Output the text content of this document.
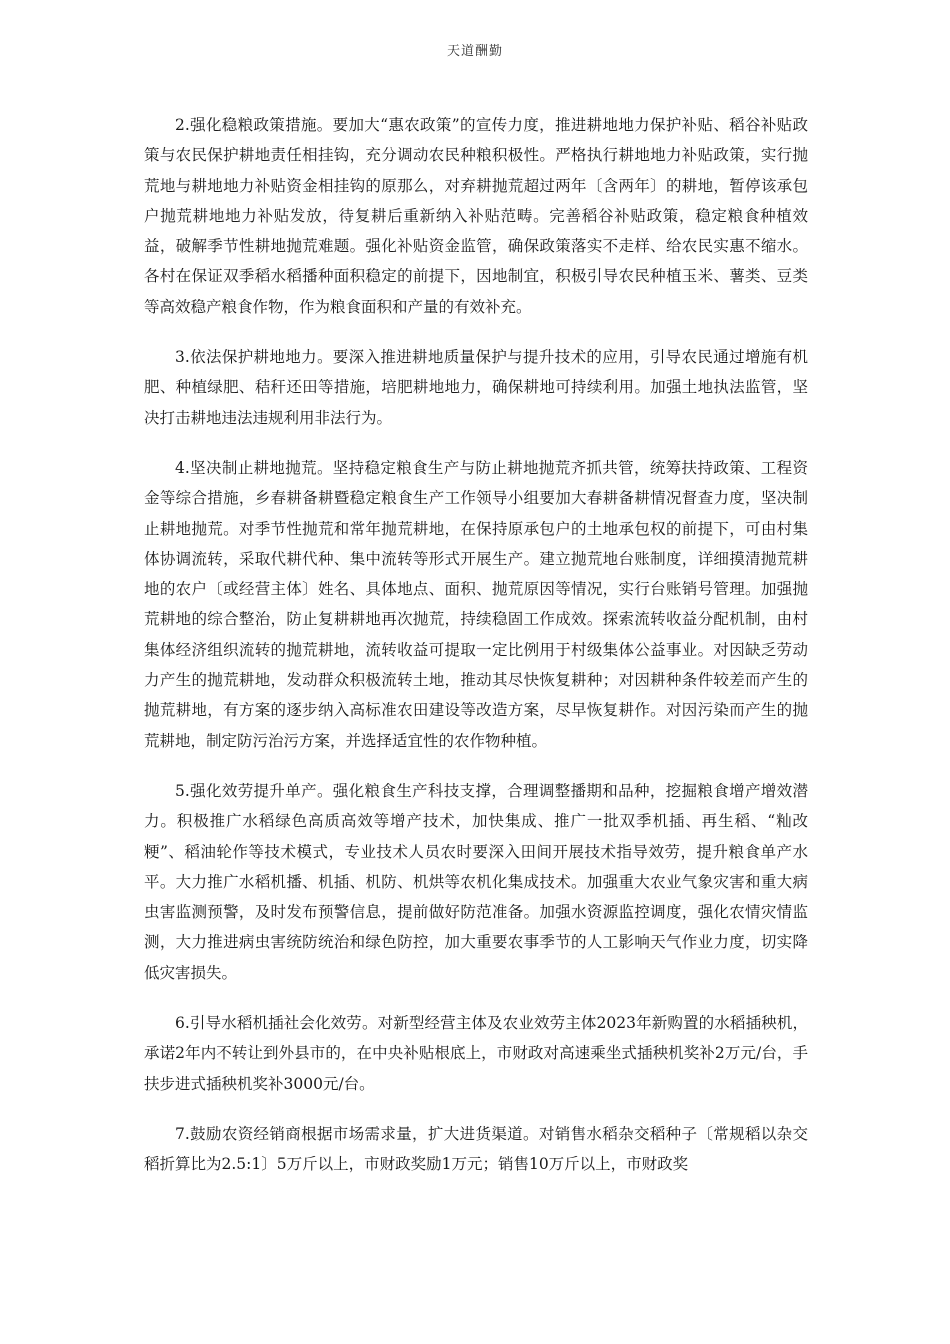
天道酬勤

2.强化稳粮政策措施。要加大“惠农政策”的宣传力度，推进耕地地力保护补贴、稻谷补贴政策与农民保护耕地责任相挂钩，充分调动农民种粮积极性。严格执行耕地地力补贴政策，实行抛荒地与耕地地力补贴资金相挂钩的原那么，对弃耕抛荒超过两年〔含两年〕的耕地，暂停该承包户抛荒耕地地力补贴发放，待复耕后重新纳入补贴范畴。完善稻谷补贴政策，稳定粮食种植效益，破解季节性耕地抛荒难题。强化补贴资金监管，确保政策落实不走样、给农民实惠不缩水。各村在保证双季稻水稻播种面积稳定的前提下，因地制宜，积极引导农民种植玉米、薯类、豆类等高效稳产粮食作物，作为粮食面积和产量的有效补充。

3.依法保护耕地地力。要深入推进耕地质量保护与提升技术的应用，引导农民通过增施有机肥、种植绿肥、秸秆还田等措施，培肥耕地地力，确保耕地可持续利用。加强土地执法监管，坚决打击耕地违法违规利用非法行为。

4.坚决制止耕地抛荒。坚持稳定粮食生产与防止耕地抛荒齐抓共管，统筹扶持政策、工程资金等综合措施，乡春耕备耕暨稳定粮食生产工作领导小组要加大春耕备耕情况督查力度，坚决制止耕地抛荒。对季节性抛荒和常年抛荒耕地，在保持原承包户的土地承包权的前提下，可由村集体协调流转，采取代耕代种、集中流转等形式开展生产。建立抛荒地台账制度，详细摸清抛荒耕地的农户〔或经营主体〕姓名、具体地点、面积、抛荒原因等情况，实行台账销号管理。加强抛荒耕地的综合整治，防止复耕耕地再次抛荒，持续稳固工作成效。探索流转收益分配机制，由村集体经济组织流转的抛荒耕地，流转收益可提取一定比例用于村级集体公益事业。对因缺乏劳动力产生的抛荒耕地，发动群众积极流转土地，推动其尽快恢复耕种；对因耕种条件较差而产生的抛荒耕地，有方案的逐步纳入高标准农田建设等改造方案，尽早恢复耕作。对因污染而产生的抛荒耕地，制定防污治污方案，并选择适宜性的农作物种植。

5.强化效劳提升单产。强化粮食生产科技支撑，合理调整播期和品种，挖掘粮食增产增效潜力。积极推广水稻绿色高质高效等增产技术，加快集成、推广一批双季机插、再生稻、“籼改粳”、稻油轮作等技术模式，专业技术人员农时要深入田间开展技术指导效劳，提升粮食单产水平。大力推广水稻机播、机插、机防、机烘等农机化集成技术。加强重大农业气象灾害和重大病虫害监测预警，及时发布预警信息，提前做好防范准备。加强水资源监控调度，强化农情灾情监测，大力推进病虫害统防统治和绿色防控，加大重要农事季节的人工影响天气作业力度，切实降低灾害损失。

6.引导水稻机插社会化效劳。对新型经营主体及农业效劳主体2023年新购置的水稻插秧机，承诺2年内不转让到外县市的，在中央补贴根底上，市财政对高速乘坐式插秧机奖补2万元/台，手扶步进式插秧机奖补3000元/台。

7.鼓励农资经销商根据市场需求量，扩大进货渠道。对销售水稻杂交稻种子〔常规稻以杂交稻折算比为2.5:1〕5万斤以上，市财政奖励1万元；销售10万斤以上，市财政奖
